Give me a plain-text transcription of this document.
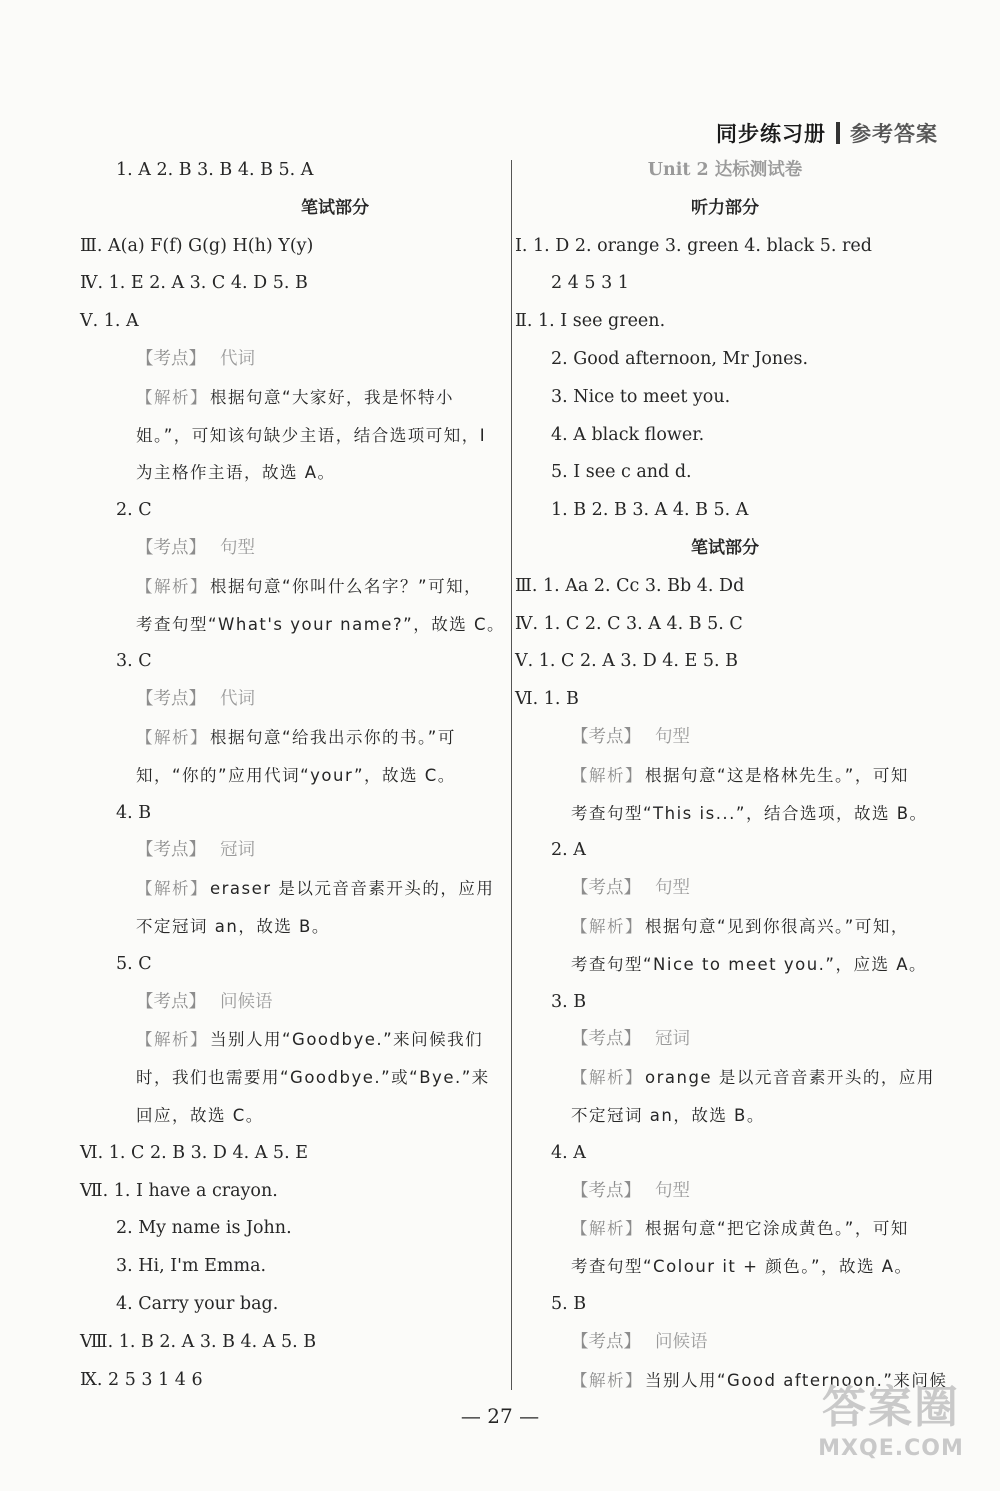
同步练习册 参考答案
1. A 2. B 3. B 4. B 5. A
笔试部分
Ⅲ. A(a) F(f) G(g) H(h) Y(y)
Ⅳ. 1. E 2. A 3. C 4. D 5. B
Ⅴ. 1. A
【考点】 代词
【解析】 根据句意“大家好，我是怀特小
姐。”，可知该句缺少主语，结合选项可知，I
为主格作主语，故选 A。
2. C
【考点】 句型
【解析】 根据句意“你叫什么名字？”可知，
考查句型“What's your name?”，故选 C。
3. C
【考点】 代词
【解析】 根据句意“给我出示你的书。”可
知，“你的”应用代词“your”，故选 C。
4. B
【考点】 冠词
【解析】 eraser 是以元音音素开头的，应用
不定冠词 an，故选 B。
5. C
【考点】 问候语
【解析】 当别人用“Goodbye.”来问候我们
时，我们也需要用“Goodbye.”或“Bye.”来
回应，故选 C。
Ⅵ. 1. C 2. B 3. D 4. A 5. E
Ⅶ. 1. I have a crayon.
2. My name is John.
3. Hi, I'm Emma.
4. Carry your bag.
Ⅷ. 1. B 2. A 3. B 4. A 5. B
Ⅸ. 2 5 3 1 4 6
Unit 2 达标测试卷
听力部分
Ⅰ. 1. D 2. orange 3. green 4. black 5. red
2 4 5 3 1
Ⅱ. 1. I see green.
2. Good afternoon, Mr Jones.
3. Nice to meet you.
4. A black flower.
5. I see c and d.
1. B 2. B 3. A 4. B 5. A
笔试部分
Ⅲ. 1. Aa 2. Cc 3. Bb 4. Dd
Ⅳ. 1. C 2. C 3. A 4. B 5. C
Ⅴ. 1. C 2. A 3. D 4. E 5. B
Ⅵ. 1. B
【考点】 句型
【解析】 根据句意“这是格林先生。”，可知
考查句型“This is...”，结合选项，故选 B。
2. A
【考点】 句型
【解析】 根据句意“见到你很高兴。”可知，
考查句型“Nice to meet you.”，应选 A。
3. B
【考点】 冠词
【解析】 orange 是以元音音素开头的，应用
不定冠词 an，故选 B。
4. A
【考点】 句型
【解析】 根据句意“把它涂成黄色。”，可知
考查句型“Colour it + 颜色。”，故选 A。
5. B
【考点】 问候语
【解析】 当别人用“Good afternoon.”来问候
— 27 —	答案圈
MXQE.COM
